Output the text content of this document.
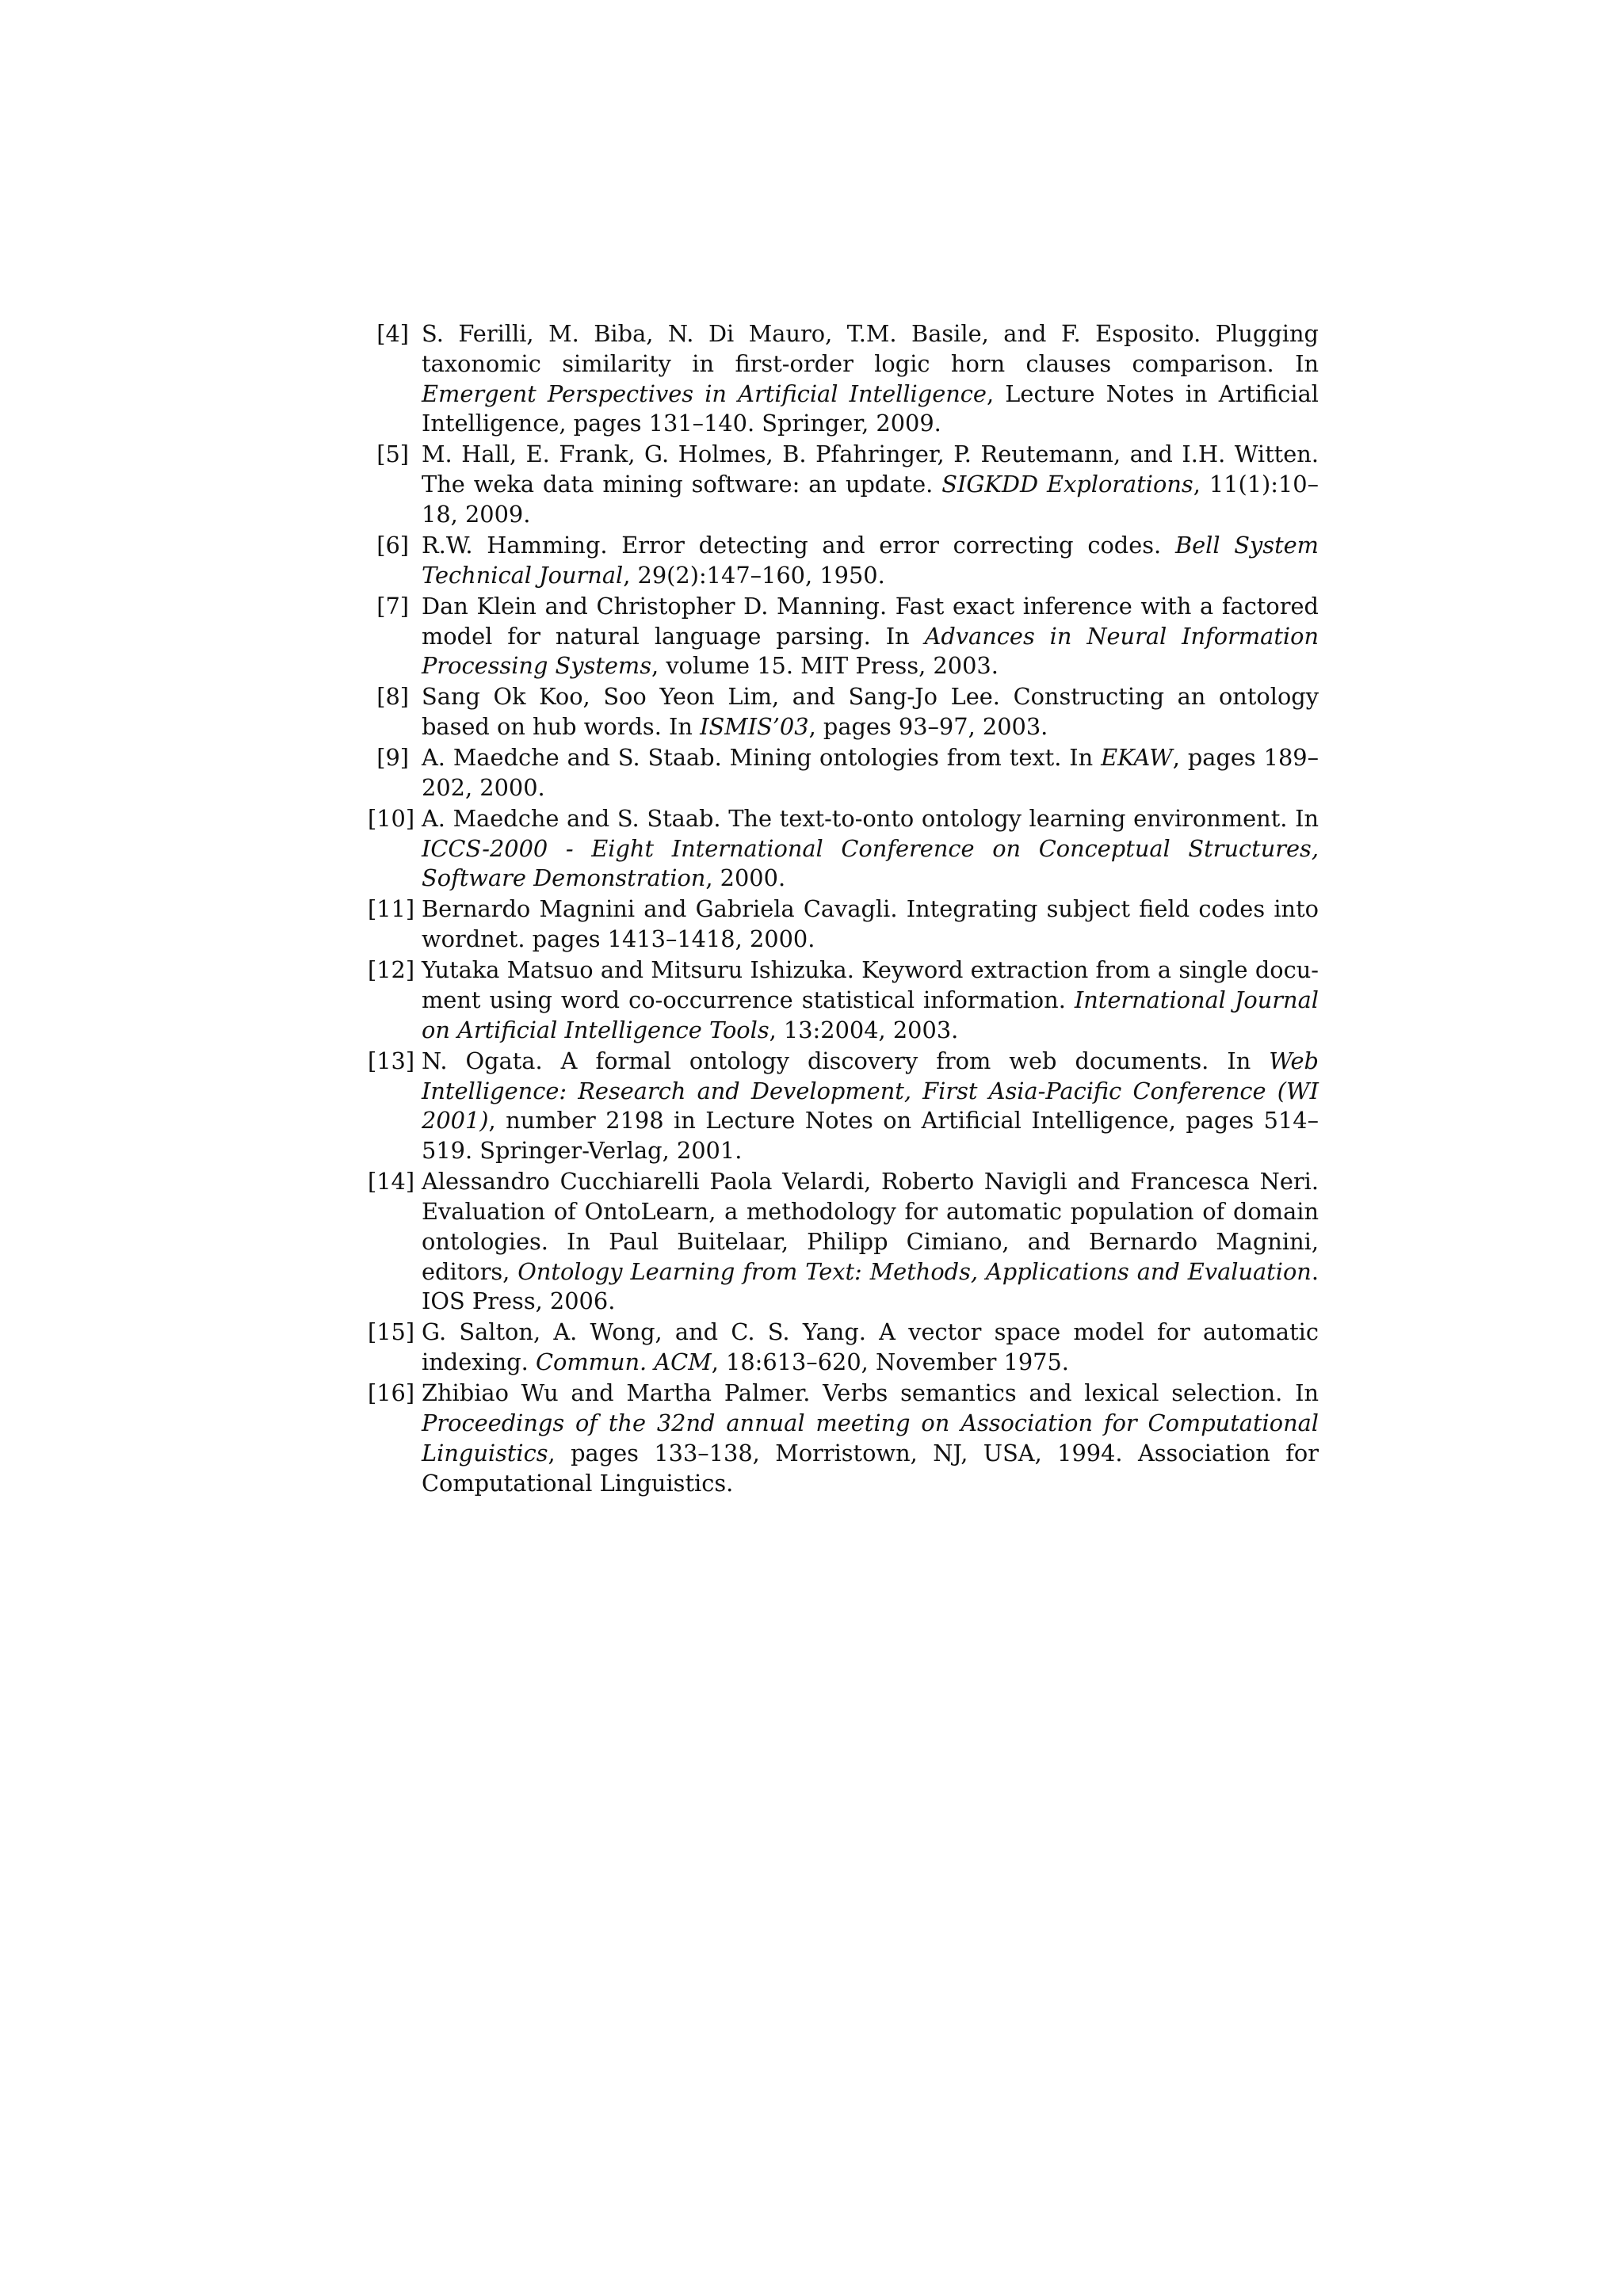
[4] S. Ferilli, M. Biba, N. Di Mauro, T.M. Basile, and F. Esposito. Plugging taxonomic similarity in first-order logic horn clauses comparison. In Emergent Perspectives in Artificial Intelligence, Lecture Notes in Artificial Intelligence, pages 131–140. Springer, 2009.
[5] M. Hall, E. Frank, G. Holmes, B. Pfahringer, P. Reutemann, and I.H. Witten. The weka data mining software: an update. SIGKDD Explorations, 11(1):10–18, 2009.
[6] R.W. Hamming. Error detecting and error correcting codes. Bell System Technical Journal, 29(2):147–160, 1950.
[7] Dan Klein and Christopher D. Manning. Fast exact inference with a factored model for natural language parsing. In Advances in Neural Information Processing Systems, volume 15. MIT Press, 2003.
[8] Sang Ok Koo, Soo Yeon Lim, and Sang-Jo Lee. Constructing an ontology based on hub words. In ISMIS’03, pages 93–97, 2003.
[9] A. Maedche and S. Staab. Mining ontologies from text. In EKAW, pages 189–202, 2000.
[10] A. Maedche and S. Staab. The text-to-onto ontology learning environment. In ICCS-2000 - Eight International Conference on Conceptual Structures, Software Demonstration, 2000.
[11] Bernardo Magnini and Gabriela Cavagli. Integrating subject field codes into wordnet. pages 1413–1418, 2000.
[12] Yutaka Matsuo and Mitsuru Ishizuka. Keyword extraction from a single document using word co-occurrence statistical information. International Journal on Artificial Intelligence Tools, 13:2004, 2003.
[13] N. Ogata. A formal ontology discovery from web documents. In Web Intelligence: Research and Development, First Asia-Pacific Conference (WI 2001), number 2198 in Lecture Notes on Artificial Intelligence, pages 514–519. Springer-Verlag, 2001.
[14] Alessandro Cucchiarelli Paola Velardi, Roberto Navigli and Francesca Neri. Evaluation of OntoLearn, a methodology for automatic population of domain ontologies. In Paul Buitelaar, Philipp Cimiano, and Bernardo Magnini, editors, Ontology Learning from Text: Methods, Applications and Evaluation. IOS Press, 2006.
[15] G. Salton, A. Wong, and C. S. Yang. A vector space model for automatic indexing. Commun. ACM, 18:613–620, November 1975.
[16] Zhibiao Wu and Martha Palmer. Verbs semantics and lexical selection. In Proceedings of the 32nd annual meeting on Association for Computational Linguistics, pages 133–138, Morristown, NJ, USA, 1994. Association for Computational Linguistics.
